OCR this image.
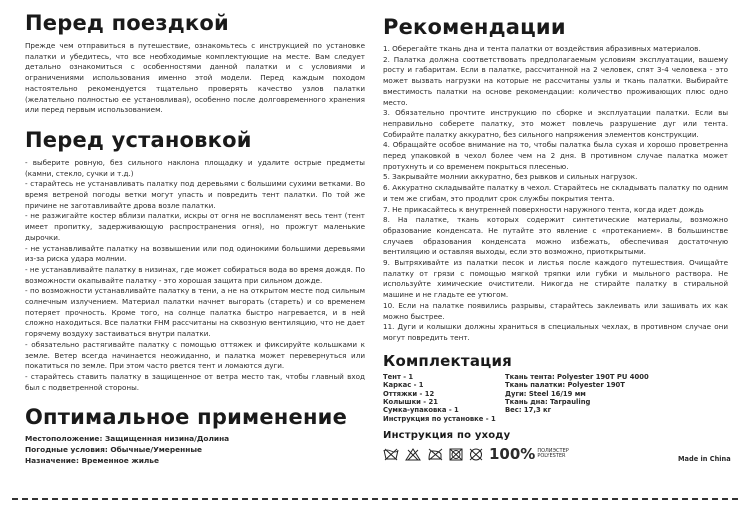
Перед поездкой

Прежде чем отправиться в путешествие, ознакомьтесь с инструкцией по установке палатки и убедитесь, что все необходимые комплектующие на месте. Вам следует детально ознакомиться с особенностями данной палатки и с условиями и ограничениями использования именно этой модели. Перед каждым походом настоятельно рекомендуется тщательно проверять качество узлов палатки (желательно полностью ее установливая), особенно после долговременного хранения или перед первым использованием.

Перед установкой

- выберите ровную, без сильного наклона площадку и удалите острые предметы (камни, стекло, сучки и т.д.)

- старайтесь не устанавливать палатку под деревьями с большими сухими ветками. Во время ветреной погоды ветки могут упасть и повредить тент палатки. По той же причине не заготавливайте дрова возле палатки.

- не разжигайте костер вблизи палатки, искры от огня не воспламенят весь тент (тент имеет пропитку, задерживающую распространения огня), но прожгут маленькие дырочки.

- не устанавливайте палатку на возвышении или под одинокими большими деревьями из-за риска удара молнии.

- не устанавливайте палатку в низинах, где может собираться вода во время дождя. По возможности окапывайте палатку - это хорошая защита при сильном дожде.

- по возможности устанавливайте палатку в тени, а не на открытом месте под сильным солнечным излучением. Материал палатки начнет выгорать (стареть) и со временем потеряет прочность. Кроме того, на солнце палатка быстро нагревается, и в ней сложно находиться. Все палатки FHM рассчитаны на сквозную вентиляцию, что не дает горячему воздуху застаиваться внутри палатки.

- обязательно растягивайте палатку с помощью оттяжек и фиксируйте кольшками к земле. Ветер всегда начинается неожиданно, и палатка может перевернуться или покатиться по земле. При этом часто рвется тент и ломаются дуги.

- старайтесь ставить палатку в защищенное от ветра место так, чтобы главный вход был с подветренной стороны.

Оптимальное применение

Местоположение: Защищенная низина/Долина

Погодные условия: Обычные/Умеренные

Назначение: Временное жилье

Рекомендации

1. Оберегайте ткань дна и тента палатки от воздействия абразивных материалов.

2. Палатка должна соответствовать предполагаемым условиям эксплуатации, вашему росту и габаритам. Если в палатке, рассчитанной на 2 человек, спят 3-4 человека - это может вызвать нагрузки на которые не рассчитаны узлы и ткань палатки. Выбирайте вместимость палатки на основе рекомендации: количество проживающих плюс одно место.

3. Обязательно прочтите инструкцию по сборке и эксплуатации палатки. Если вы неправильно соберете палатку, это может повлечь разрушение дуг или тента. Собирайте палатку аккуратно, без сильного напряжения элементов конструкции.

4. Обращайте особое внимание на то, чтобы палатка была сухая и хорошо проветренна перед упаковкой в чехол более чем на 2 дня. В противном случае палатка может протухнуть и со временем покрыться плесенью.

5. Закрывайте молнии аккуратно, без рывков и сильных нагрузок.

6. Аккуратно складывайте палатку в чехол. Старайтесь не складывать палатку по одним и тем же сгибам, это продлит срок службы покрытия тента.

7. Не прикасайтесь к внутренней поверхности наружного тента, когда идет дождь

8. На палатке, ткань которых содержит синтетические материалы, возможно образование конденсата. Не путайте это явление с «протеканием». В большинстве случаев образования конденсата можно избежать, обеспечивая достаточную вентиляцию и оставляя выходы, если это возможно, приоткрытыми.

9. Вытряхивайте из палатки песок и листья после каждого путешествия. Очищайте палатку от грязи с помощью мягкой тряпки или губки и мыльного раствора. Не используйте химические очистители. Никогда не стирайте палатку в стиральной машине и не гладьте ее утюгом.

10. Если на палатке появились разрывы, старайтесь заклеивать или зашивать их как можно быстрее.

11. Дуги и колышки должны храниться в специальных чехлах, в противном случае они могут повредить тент.

Комплектация
Тент - 1
Каркас - 1
Оттяжки - 12
Колышки - 21
Сумка-упаковка - 1
Инструкция по установке - 1
Ткань тента: Polyester 190T PU 4000
Ткань палатки: Polyester 190T
Дуги: Steel 16/19 мм
Ткань дна: Tarpauling
Вес: 17,3 кг
Инструкция по уходу
100% ПОЛИЭСТЕР
POLYESTER	Made in China
